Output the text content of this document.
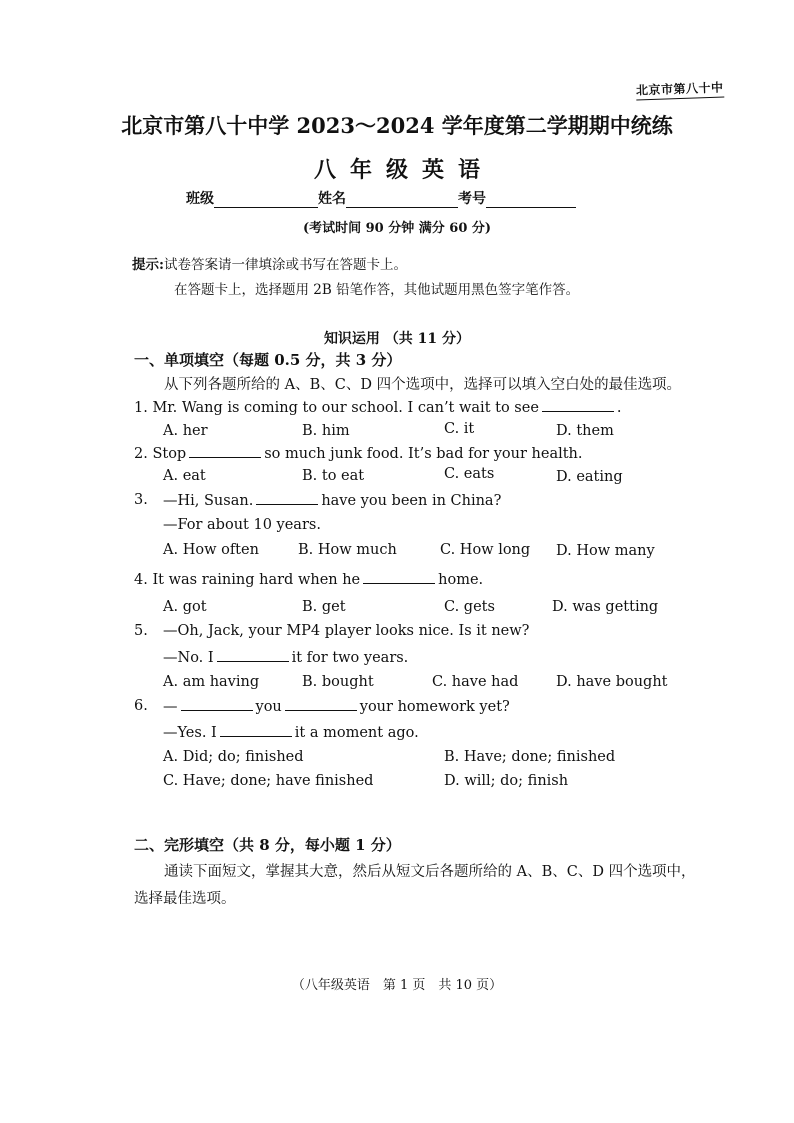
北京市第八十中
北京市第八十中学 2023～2024 学年度第二学期期中统练
八年级英语
班级	姓名	考号
(考试时间 90 分钟 满分 60 分)
提示:试卷答案请一律填涂或书写在答题卡上。
在答题卡上，选择题用 2B 铅笔作答，其他试题用黑色签字笔作答。
知识运用 （共 11 分）
一、单项填空（每题 0.5 分，共 3 分）
从下列各题所给的 A、B、C、D 四个选项中，选择可以填入空白处的最佳选项。
1. Mr. Wang is coming to our school. I can’t wait to see	.
A. her	B. him	C. it	D. them
2. Stop	so much junk food. It’s bad for your health.
A. eat	B. to eat	C. eats	D. eating
3. —Hi, Susan.	have you been in China?
—For about 10 years.
A. How often	B. How much	C. How long D. How many
4. It was raining hard when he	home.
A. got	B. get	C. gets	D. was getting
5. —Oh, Jack, your MP4 player looks nice. Is it new?
—No. I	it for two years.
A. am having	B. bought	C. have had	D. have bought
6. —	you	your homework yet?
—Yes. I	it a moment ago.
A. Did; do; finished	B. Have; done; finished
C. Have; done; have finished	D. will; do; finish
二、完形填空（共 8 分，每小题 1 分）
通读下面短文，掌握其大意，然后从短文后各题所给的 A、B、C、D 四个选项中，
选择最佳选项。
（八年级英语　第 1 页　共 10 页）
